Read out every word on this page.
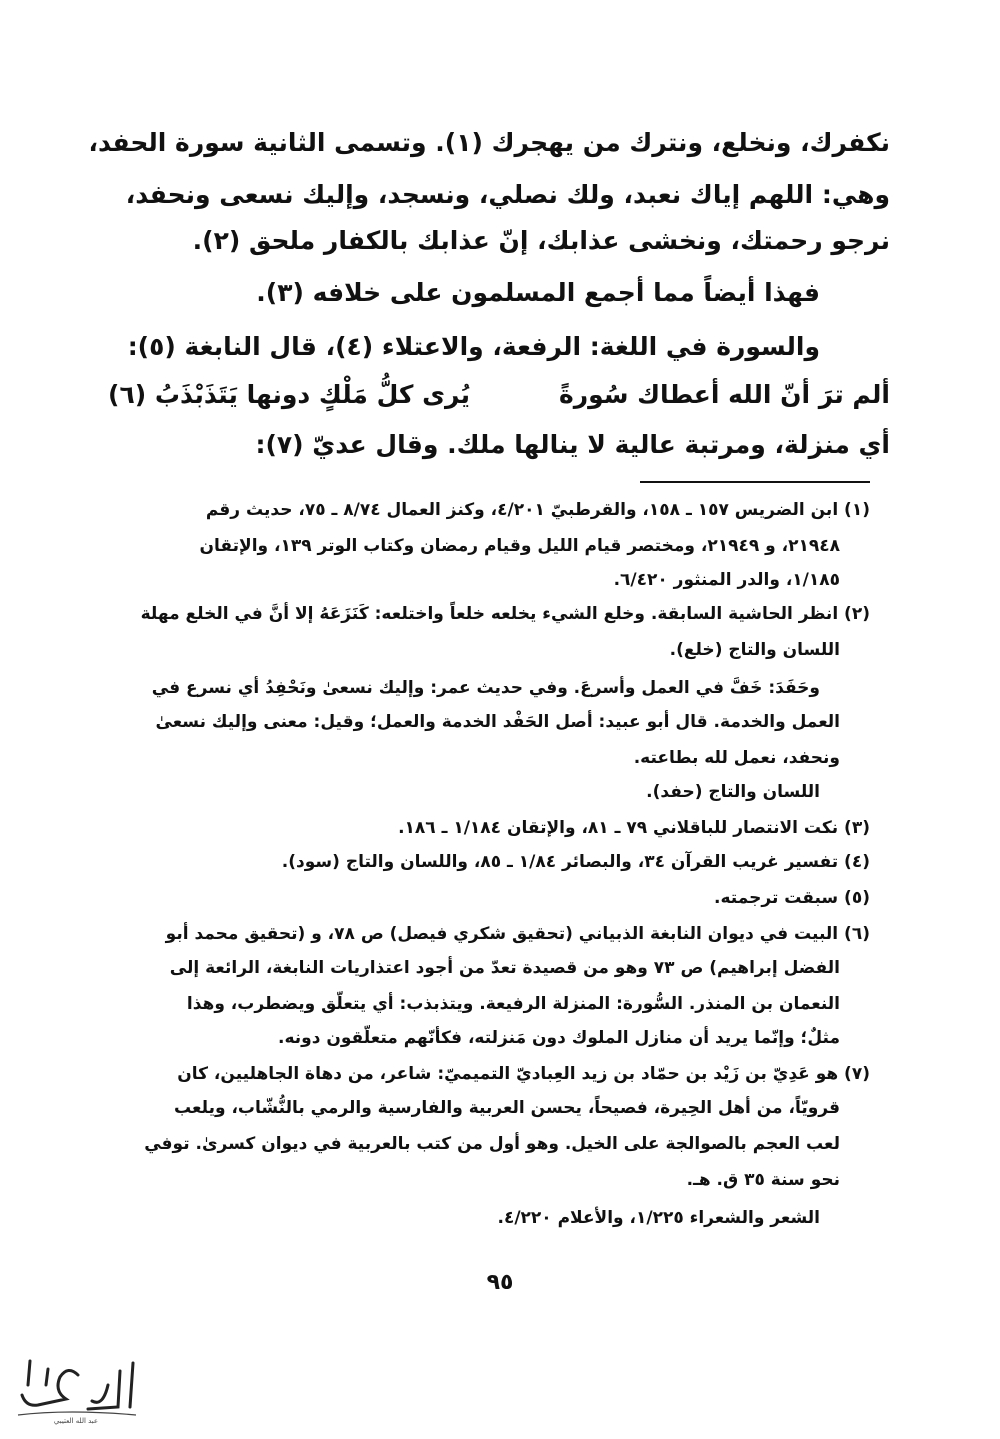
نكفرك، ونخلع، ونترك من يهجرك (١). وتسمى الثانية سورة الحفد،
وهي: اللهم إياك نعبد، ولك نصلي، ونسجد، وإليك نسعى ونحفد،
نرجو رحمتك، ونخشى عذابك، إنّ عذابك بالكفار ملحق (٢).
فهذا أيضاً مما أجمع المسلمون على خلافه (٣).
والسورة في اللغة: الرفعة، والاعتلاء (٤)، قال النابغة (٥):
ألم ترَ أنّ الله أعطاك سُورةً
يُرى كلُّ مَلْكٍ دونها يَتَذَبْذَبُ (٦)
أي منزلة، ومرتبة عالية لا ينالها ملك. وقال عديّ (٧):
(١) ابن الضريس ١٥٧ ـ ١٥٨، والقرطبيّ ٤/٢٠١، وكنز العمال ٨/٧٤ ـ ٧٥، حديث رقم
٢١٩٤٨، و ٢١٩٤٩، ومختصر قيام الليل وقيام رمضان وكتاب الوتر ١٣٩، والإتقان
١/١٨٥، والدر المنثور ٦/٤٢٠.
(٢) انظر الحاشية السابقة. وخلع الشيء يخلعه خلعاً واختلعه: كَنَزَعَهُ إلا أنَّ في الخلع مهلة
اللسان والتاج (خلع).
وحَفَدَ: خَفَّ في العمل وأسرعَ. وفي حديث عمر: وإليك نسعىٰ ونَحْفِدُ أي نسرع في
العمل والخدمة. قال أبو عبيد: أصل الحَفْد الخدمة والعمل؛ وقيل: معنى وإليك نسعىٰ
ونحفد، نعمل لله بطاعته.
اللسان والتاج (حفد).
(٣) نكت الانتصار للباقلاني ٧٩ ـ ٨١، والإتقان ١/١٨٤ ـ ١٨٦.
(٤) تفسير غريب القرآن ٣٤، والبصائر ١/٨٤ ـ ٨٥، واللسان والتاج (سود).
(٥) سبقت ترجمته.
(٦) البيت في ديوان النابغة الذبياني (تحقيق شكري فيصل) ص ٧٨، و (تحقيق محمد أبو
الفضل إبراهيم) ص ٧٣ وهو من قصيدة تعدّ من أجود اعتذاريات النابغة، الرائعة إلى
النعمان بن المنذر. السُّورة: المنزلة الرفيعة. ويتذبذب: أي يتعلّق ويضطرب، وهذا
مثلٌ؛ وإنّما يريد أن منازل الملوك دون مَنزلته، فكأنّهم متعلّقون دونه.
(٧) هو عَدِيّ بن زَيْد بن حمّاد بن زيد العِباديّ التميميّ: شاعر، من دهاة الجاهليين، كان
قرويّاً، من أهل الحِيرة، فصيحاً، يحسن العربية والفارسية والرمي بالنُّشّاب، ويلعب
لعب العجم بالصوالجة على الخيل. وهو أول من كتب بالعربية في ديوان كسرىٰ. توفي
نحو سنة ٣٥ ق. هـ.
الشعر والشعراء ١/٢٢٥، والأعلام ٤/٢٢٠.
٩٥
عبد الله العتيبي
